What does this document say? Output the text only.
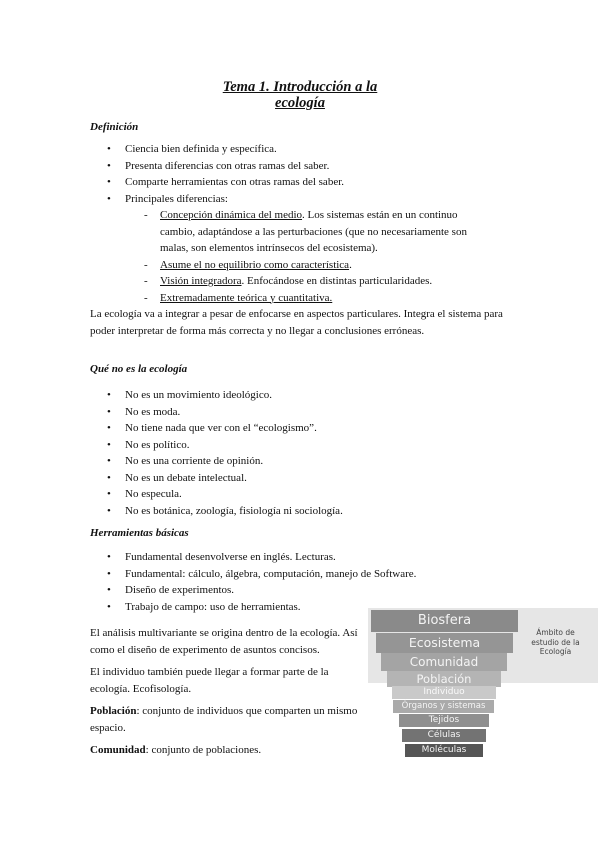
Tema 1. Introducción a la
ecología
Definición
• Ciencia bien definida y específica.
• Presenta diferencias con otras ramas del saber.
• Comparte herramientas con otras ramas del saber.
• Principales diferencias:
- Concepción dinámica del medio. Los sistemas están en un continuo cambio, adaptándose a las perturbaciones (que no necesariamente son malas, son elementos intrínsecos del ecosistema).
- Asume el no equilibrio como característica.
- Visión integradora. Enfocándose en distintas particularidades.
- Extremadamente teórica y cuantitativa.
La ecología va a integrar a pesar de enfocarse en aspectos particulares. Integra el sistema para poder interpretar de forma más correcta y no llegar a conclusiones erróneas.
Qué no es la ecología
• No es un movimiento ideológico.
• No es moda.
• No tiene nada que ver con el “ecologismo”.
• No es político.
• No es una corriente de opinión.
• No es un debate intelectual.
• No especula.
• No es botánica, zoología, fisiología ni sociología.
Herramientas básicas
• Fundamental desenvolverse en inglés. Lecturas.
• Fundamental: cálculo, álgebra, computación, manejo de Software.
• Diseño de experimentos.
• Trabajo de campo: uso de herramientas.
El análisis multivariante se origina dentro de la ecología. Así como el diseño de experimento de asuntos concisos.
El individuo también puede llegar a formar parte de la ecología. Ecofisología.
Población: conjunto de individuos que comparten un mismo espacio.
Comunidad: conjunto de poblaciones.
Biosfera
Ecosistema
Comunidad
Población
Individuo
Órganos y sistemas
Tejidos
Células
Moléculas
Ámbito de estudio de la Ecología
